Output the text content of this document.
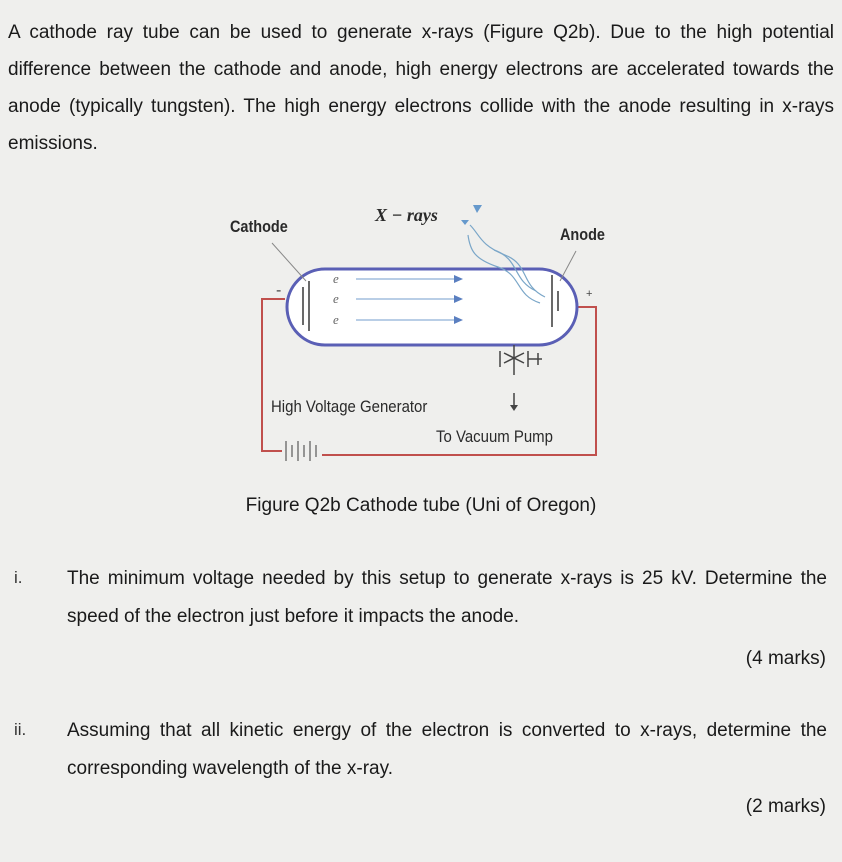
A cathode ray tube can be used to generate x-rays (Figure Q2b). Due to the high potential difference between the cathode and anode, high energy electrons are accelerated towards the anode (typically tungsten). The high energy electrons collide with the anode resulting in x-rays emissions.

e
e
e
-	+
Cathode
X − rays
Anode
High Voltage Generator
To Vacuum Pump
Figure Q2b Cathode tube (Uni of Oregon)
i. The minimum voltage needed by this setup to generate x-rays is 25 kV. Determine the speed of the electron just before it impacts the anode.

(4 marks)
ii. Assuming that all kinetic energy of the electron is converted to x-rays, determine the corresponding wavelength of the x-ray.

(2 marks)
